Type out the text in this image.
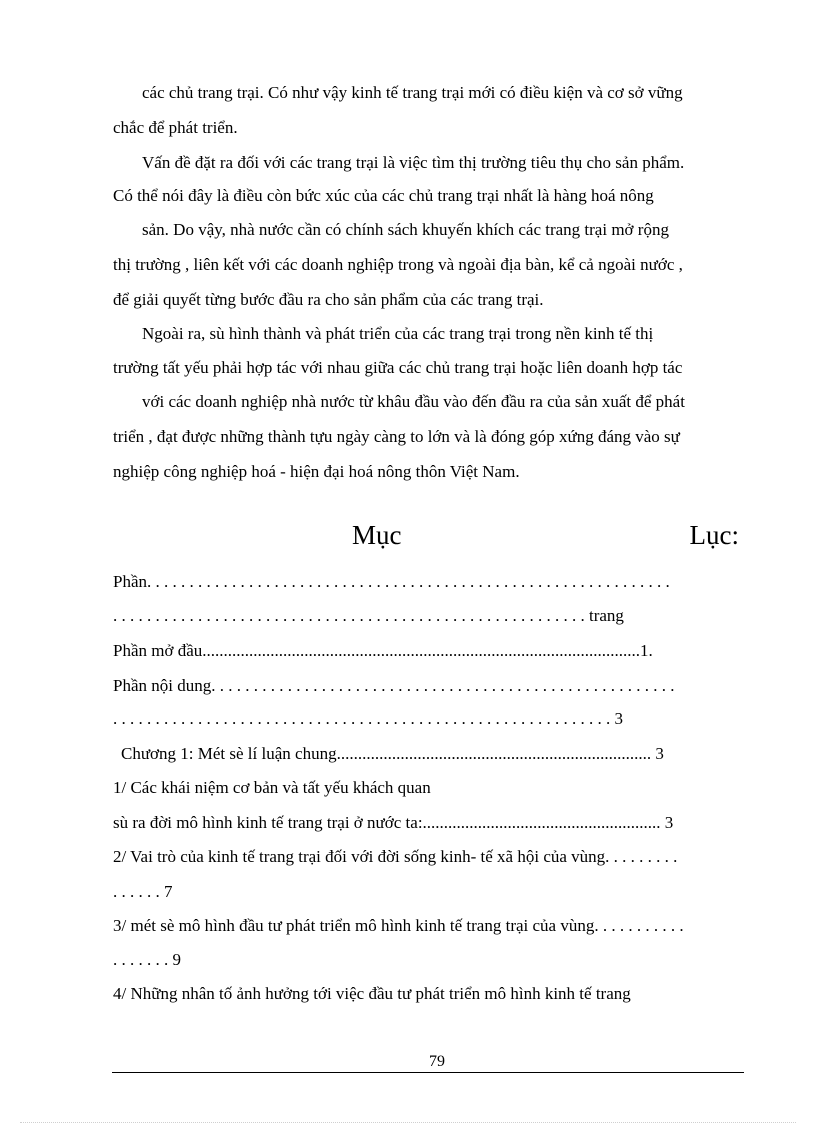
các chủ trang trại. Có như vậy kinh tế trang trại mới có điều kiện và cơ sở vững
chắc để phát triển.
Vấn đề đặt ra đối với các trang trại là việc tìm thị trường tiêu thụ cho sản phẩm.
Có thể nói đây là điều còn bức xúc của các chủ trang trại nhất là hàng hoá nông
sản. Do vậy, nhà nước cần có chính sách khuyến khích các trang trại mở rộng
thị trường , liên kết với các doanh nghiệp trong và ngoài địa bàn, kể cả ngoài nước ,
để giải quyết từng bước đầu ra cho sản phẩm của các trang trại.
Ngoài ra, sù hình thành và phát triển của các trang trại trong nền kinh tế thị
trường tất yếu phải hợp tác với nhau giữa các chủ trang trại hoặc liên doanh hợp tác
với các doanh nghiệp nhà nước từ khâu đầu vào đến đầu ra của sản xuất để phát
triển , đạt được những thành tựu ngày càng to lớn và là đóng góp xứng đáng vào sự
nghiệp công nghiệp hoá - hiện đại hoá nông thôn Việt Nam.
Mục	Lục:
Phần. . . . . . . . . . . . . . . . . . . . . . . . . . . . . . . . . . . . . . . . . . . . . . . . . . . . . . . . . . . . . .
. . . . . . . . . . . . . . . . . . . . . . . . . . . . . . . . . . . . . . . . . . . . . . . . . . . . . . . . trang
Phần mở đầu.......................................................................................................1.
Phần nội dung. . . . . . . . . . . . . . . . . . . . . . . . . . . . . . . . . . . . . . . . . . . . . . . . . . . . . . .
. . . . . . . . . . . . . . . . . . . . . . . . . . . . . . . . . . . . . . . . . . . . . . . . . . . . . . . . . . . 3
Chương 1: Mét sè lí luận chung.......................................................................... 3
1/ Các khái niệm cơ bản và tất yếu khách quan
sù ra đời mô hình kinh tế trang trại ở nước ta:........................................................ 3
2/ Vai trò của kinh tế trang trại đối với đời sống kinh- tế xã hội của vùng. . . . . . . . .
. . . . . . 7
3/ mét sè mô hình đầu tư phát triển mô hình kinh tế trang trại của vùng. . . . . . . . . . .
. . . . . . . 9
4/ Những nhân tố ảnh hưởng tới việc đầu tư phát triển mô hình kinh tế trang
79
